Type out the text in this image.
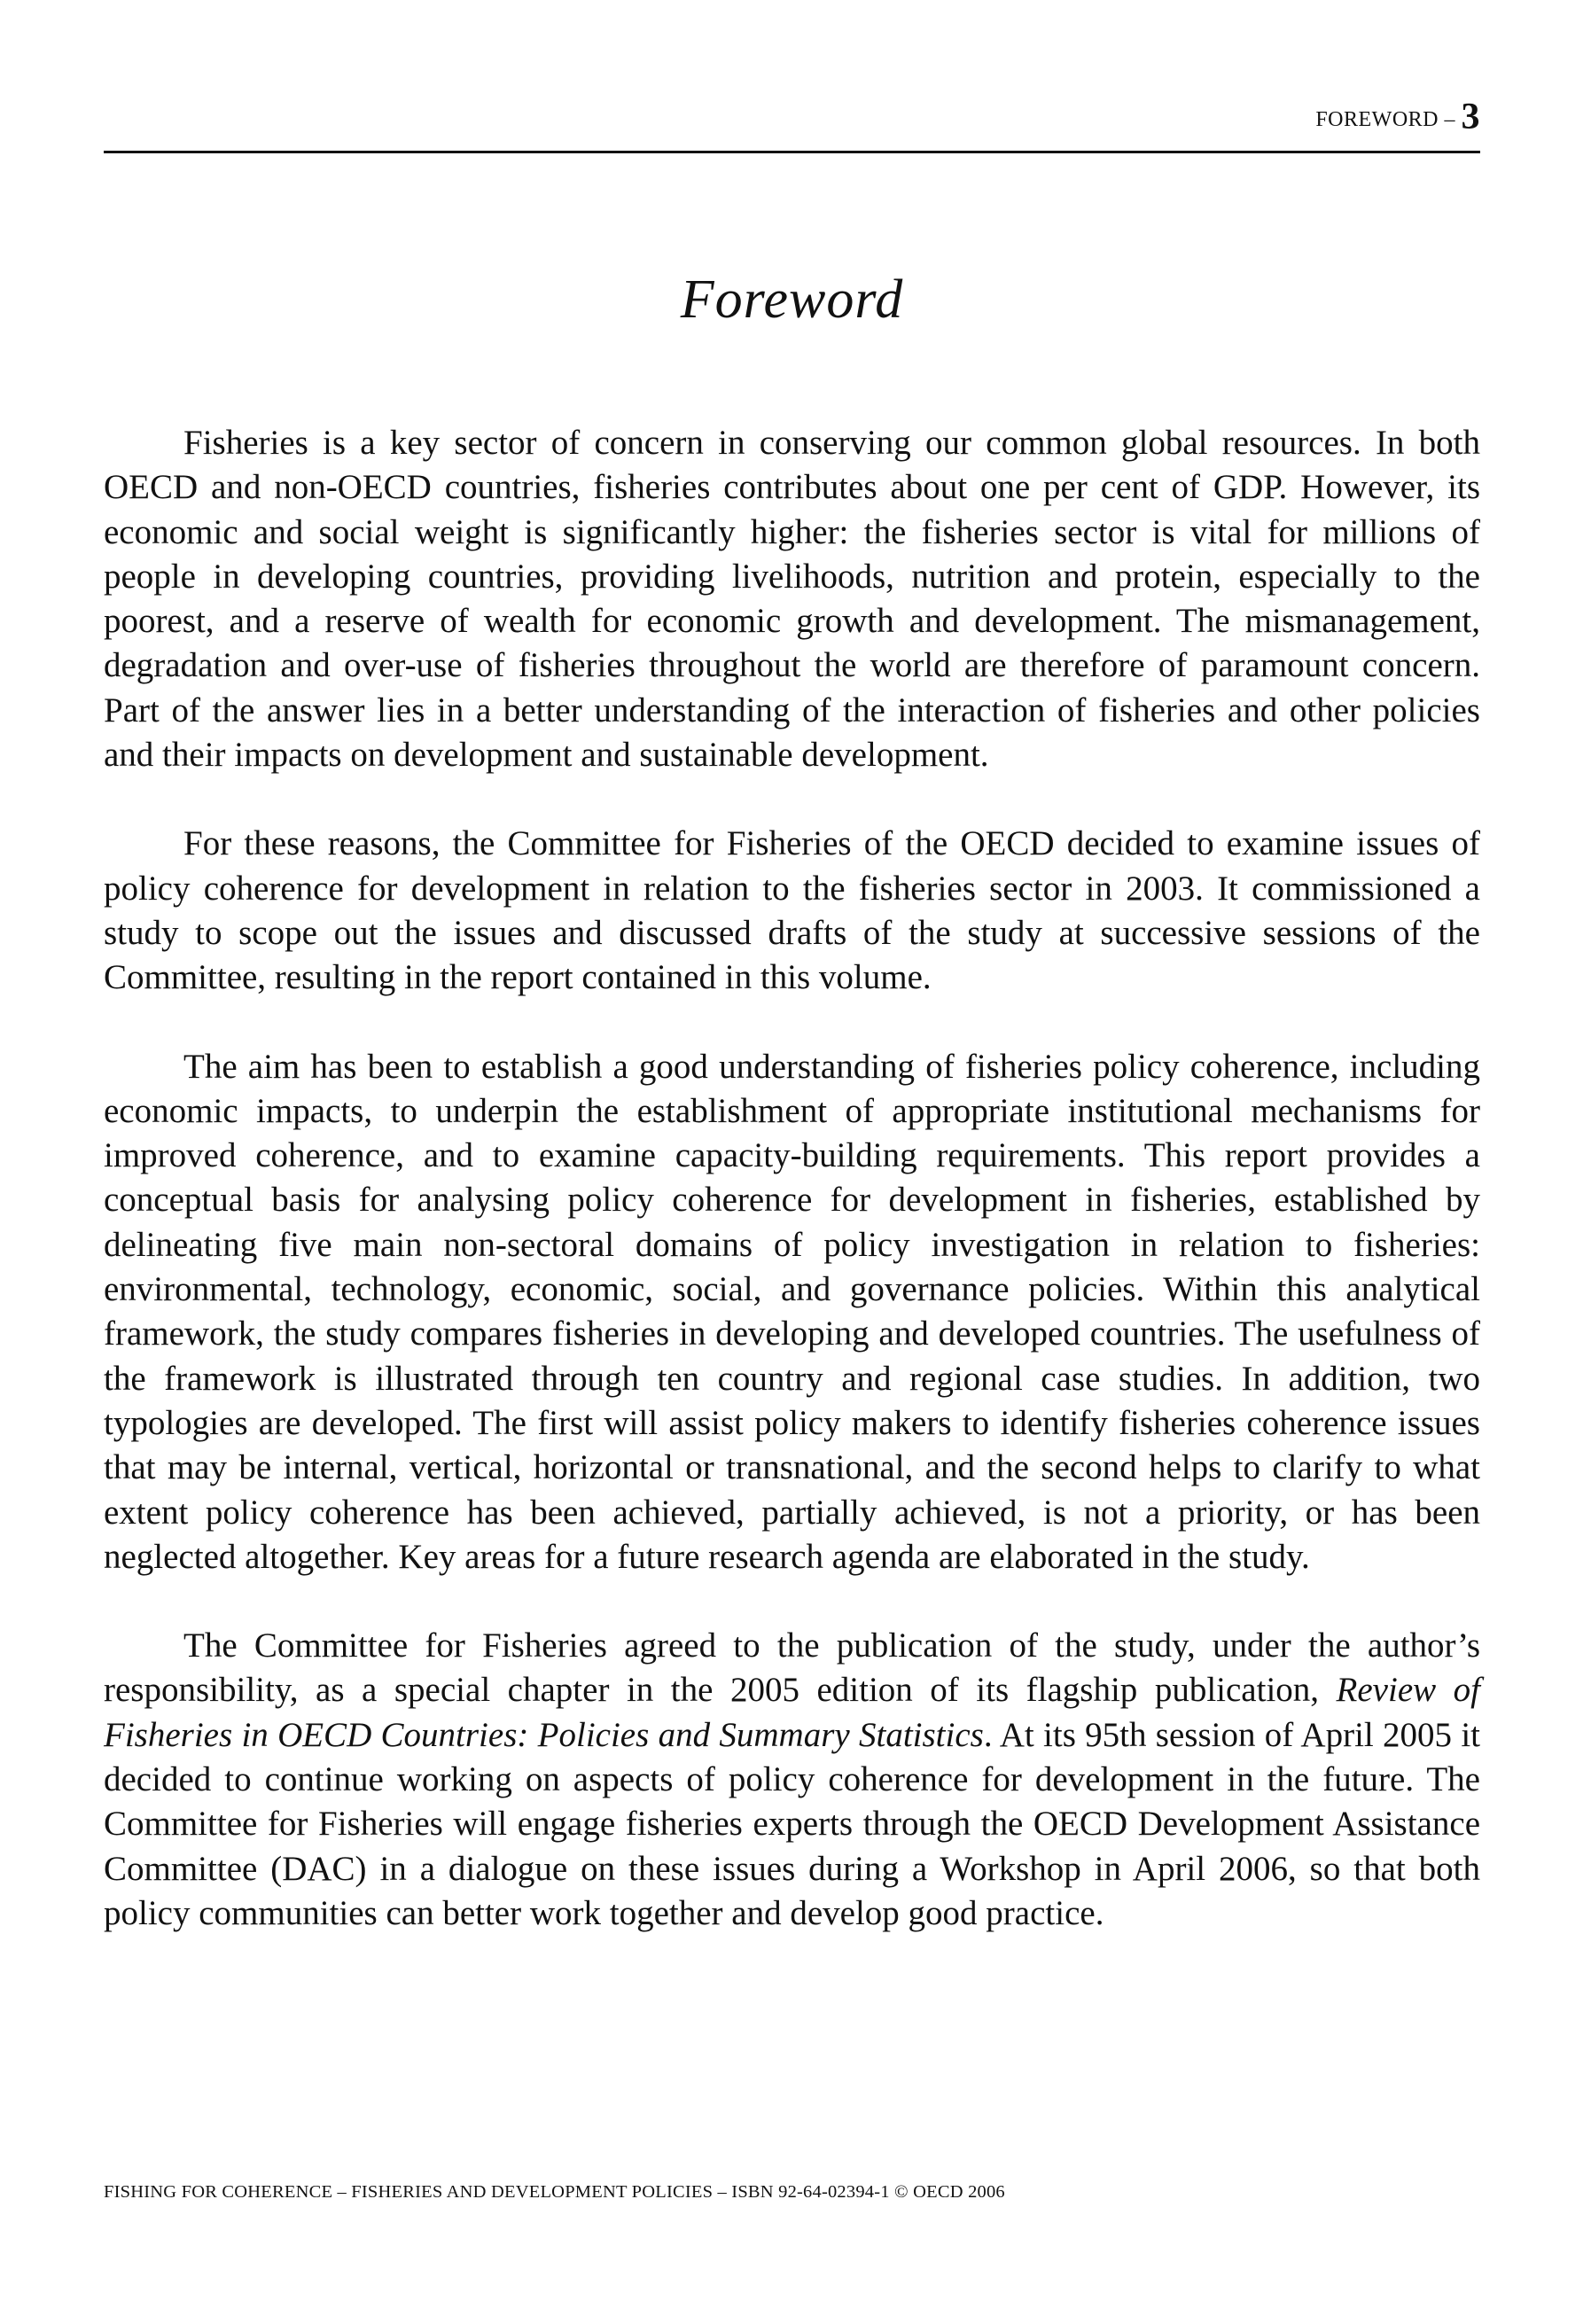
FOREWORD – 3
Foreword

Fisheries is a key sector of concern in conserving our common global resources. In both OECD and non-OECD countries, fisheries contributes about one per cent of GDP. However, its economic and social weight is significantly higher: the fisheries sector is vital for millions of people in developing countries, providing livelihoods, nutrition and protein, especially to the poorest, and a reserve of wealth for economic growth and development. The mismanagement, degradation and over-use of fisheries throughout the world are therefore of paramount concern. Part of the answer lies in a better understanding of the interaction of fisheries and other policies and their impacts on development and sustainable development.

For these reasons, the Committee for Fisheries of the OECD decided to examine issues of policy coherence for development in relation to the fisheries sector in 2003. It commissioned a study to scope out the issues and discussed drafts of the study at successive sessions of the Committee, resulting in the report contained in this volume.

The aim has been to establish a good understanding of fisheries policy coherence, including economic impacts, to underpin the establishment of appropriate institutional mechanisms for improved coherence, and to examine capacity-building requirements. This report provides a conceptual basis for analysing policy coherence for development in fisheries, established by delineating five main non-sectoral domains of policy investigation in relation to fisheries: environmental, technology, economic, social, and governance policies. Within this analytical framework, the study compares fisheries in developing and developed countries. The usefulness of the framework is illustrated through ten country and regional case studies. In addition, two typologies are developed. The first will assist policy makers to identify fisheries coherence issues that may be internal, vertical, horizontal or transnational, and the second helps to clarify to what extent policy coherence has been achieved, partially achieved, is not a priority, or has been neglected altogether. Key areas for a future research agenda are elaborated in the study.

The Committee for Fisheries agreed to the publication of the study, under the author’s responsibility, as a special chapter in the 2005 edition of its flagship publication, Review of Fisheries in OECD Countries: Policies and Summary Statistics. At its 95th session of April 2005 it decided to continue working on aspects of policy coherence for development in the future. The Committee for Fisheries will engage fisheries experts through the OECD Development Assistance Committee (DAC) in a dialogue on these issues during a Workshop in April 2006, so that both policy communities can better work together and develop good practice.

FISHING FOR COHERENCE – FISHERIES AND DEVELOPMENT POLICIES – ISBN 92-64-02394-1 © OECD 2006
